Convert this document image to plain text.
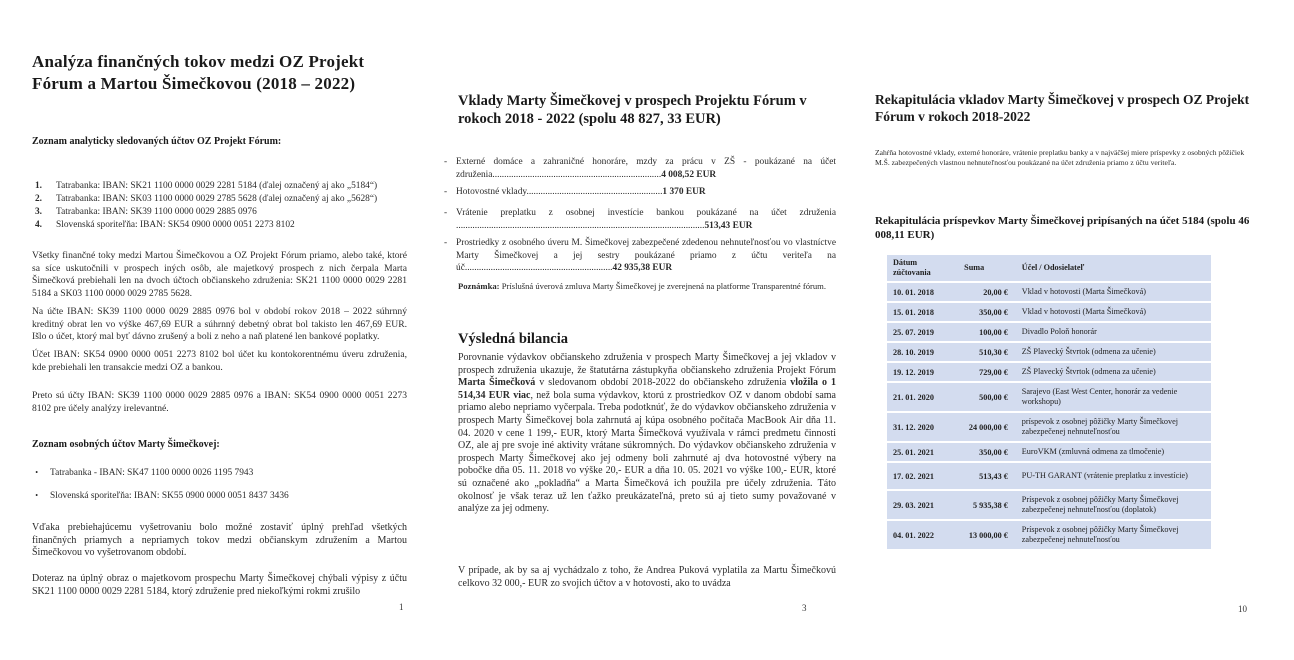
Analýza finančných tokov medzi OZ Projekt Fórum a Martou Šimečkovou (2018 – 2022)
Zoznam analyticky sledovaných účtov OZ Projekt Fórum:
1. Tatrabanka: IBAN: SK21 1100 0000 0029 2281 5184 (ďalej označený aj ako „5184“)
2. Tatrabanka: IBAN: SK03 1100 0000 0029 2785 5628 (ďalej označený aj ako „5628“)
3. Tatrabanka: IBAN: SK39 1100 0000 0029 2885 0976
4. Slovenská sporiteľňa: IBAN: SK54 0900 0000 0051 2273 8102
Všetky finančné toky medzi Martou Šimečkovou a OZ Projekt Fórum priamo, alebo také, ktoré sa síce uskutočnili v prospech iných osôb, ale majetkový prospech z nich čerpala Marta Šimečková prebiehali len na dvoch účtoch občianskeho združenia: SK21 1100 0000 0029 2281 5184 a SK03 1100 0000 0029 2785 5628.
Na účte IBAN: SK39 1100 0000 0029 2885 0976 bol v období rokov 2018 – 2022 súhrnný kreditný obrat len vo výške 467,69 EUR a súhrnný debetný obrat bol takisto len 467,69 EUR. Išlo o účet, ktorý mal byť dávno zrušený a boli z neho a naň platené len bankové poplatky.
Účet IBAN: SK54 0900 0000 0051 2273 8102 bol účet ku kontokorentnému úveru združenia, kde prebiehali len transakcie medzi OZ a bankou.
Preto sú účty IBAN: SK39 1100 0000 0029 2885 0976 a IBAN: SK54 0900 0000 0051 2273 8102 pre účely analýzy irelevantné.
Zoznam osobných účtov Marty Šimečkovej:
• Tatrabanka - IBAN: SK47 1100 0000 0026 1195 7943
• Slovenská sporiteľňa: IBAN: SK55 0900 0000 0051 8437 3436
Vďaka prebiehajúcemu vyšetrovaniu bolo možné zostaviť úplný prehľad všetkých finančných priamych a nepriamych tokov medzi občianskym združením a Martou Šimečkovou vo vyšetrovanom období.
Doteraz na úplný obraz o majetkovom prospechu Marty Šimečkovej chýbali výpisy z účtu SK21 1100 0000 0029 2281 5184, ktorý združenie pred niekoľkými rokmi zrušilo
1
Vklady Marty Šimečkovej v prospech Projektu Fórum v rokoch 2018 - 2022 (spolu 48 827, 33 EUR)
- Externé domáce a zahraničné honoráre, mzdy za prácu v ZŠ - poukázané na účet združenia........................................................................4 008,52 EUR
- Hotovostné vklady..........................................................1 370 EUR
- Vrátenie preplatku z osobnej investície bankou poukázané na účet združenia ..........................................................................................................513,43 EUR
- Prostriedky z osobného úveru M. Šimečkovej zabezpečené zdedenou nehnuteľnosťou vo vlastníctve Marty Šimečkovej a jej sestry poukázané priamo z účtu veriteľa na úč...............................................................42 935,38 EUR
Poznámka: Príslušná úverová zmluva Marty Šimečkovej je zverejnená na platforme Transparentné fórum.
Výsledná bilancia
Porovnanie výdavkov občianskeho združenia v prospech Marty Šimečkovej a jej vkladov v prospech združenia ukazuje, že štatutárna zástupkyňa občianskeho združenia Projekt Fórum Marta Šimečková v sledovanom období 2018-2022 do občianskeho združenia vložila o 1 514,34 EUR viac, než bola suma výdavkov, ktorú z prostriedkov OZ v danom období sama priamo alebo nepriamo vyčerpala. Treba podotknúť, že do výdavkov občianskeho združenia v prospech Marty Šimečkovej bola zahrnutá aj kúpa osobného počítača MacBook Air dňa 11. 04. 2020 v cene 1 199,- EUR, ktorý Marta Šimečková využívala v rámci predmetu činnosti OZ, ale aj pre svoje iné aktivity vrátane súkromných. Do výdavkov občianskeho združenia v prospech Marty Šimečkovej ako jej odmeny boli zahrnuté aj dva hotovostné výbery na pobočke dňa 05. 11. 2018 vo výške 20,- EUR a dňa 10. 05. 2021 vo výške 100,- EUR, ktoré sú označené ako „pokladňa“ a Marta Šimečková ich použila pre účely združenia. Táto okolnosť je však teraz už len ťažko preukázateľná, preto sú aj tieto sumy považované v analýze za jej odmeny.
V prípade, ak by sa aj vychádzalo z toho, že Andrea Puková vyplatila za Martu Šimečkovú celkovo 32 000,- EUR zo svojich účtov a v hotovosti, ako to uvádza
3
Rekapitulácia vkladov Marty Šimečkovej v prospech OZ Projekt Fórum v rokoch 2018-2022
Zahŕňa hotovostné vklady, externé honoráre, vrátenie preplatku banky a v najväčšej miere príspevky z osobných pôžičiek M.Š. zabezpečených vlastnou nehnuteľnosťou poukázané na účet združenia priamo z účtu veriteľa.
Rekapitulácia príspevkov Marty Šimečkovej pripísaných na účet 5184 (spolu 46 008,11 EUR)
Dátum zúčtovania	Suma	Účel / Odosielateľ
10. 01. 2018	20,00 €	Vklad v hotovosti (Marta Šimečková)
15. 01. 2018	350,00 €	Vklad v hotovosti (Marta Šimečková)
25. 07. 2019	100,00 €	Divadlo Poloň honorár
28. 10. 2019	510,30 €	ZŠ Plavecký Štvrtok (odmena za učenie)
19. 12. 2019	729,00 €	ZŠ Plavecký Štvrtok (odmena za učenie)
21. 01. 2020	500,00 €	Sarajevo (East West Center, honorár za vedenie workshopu)
31. 12. 2020	24 000,00 €	príspevok z osobnej pôžičky Marty Šimečkovej zabezpečenej nehnuteľnosťou
25. 01. 2021	350,00 €	EuroVKM (zmluvná odmena za tlmočenie)
17. 02. 2021	513,43 €	PU-TH GARANT (vrátenie preplatku z investície)
29. 03. 2021	5 935,38 €	Príspevok z osobnej pôžičky Marty Šimečkovej zabezpečenej nehnuteľnosťou (doplatok)
04. 01. 2022	13 000,00 €	Príspevok z osobnej pôžičky Marty Šimečkovej zabezpečenej nehnuteľnosťou
10
